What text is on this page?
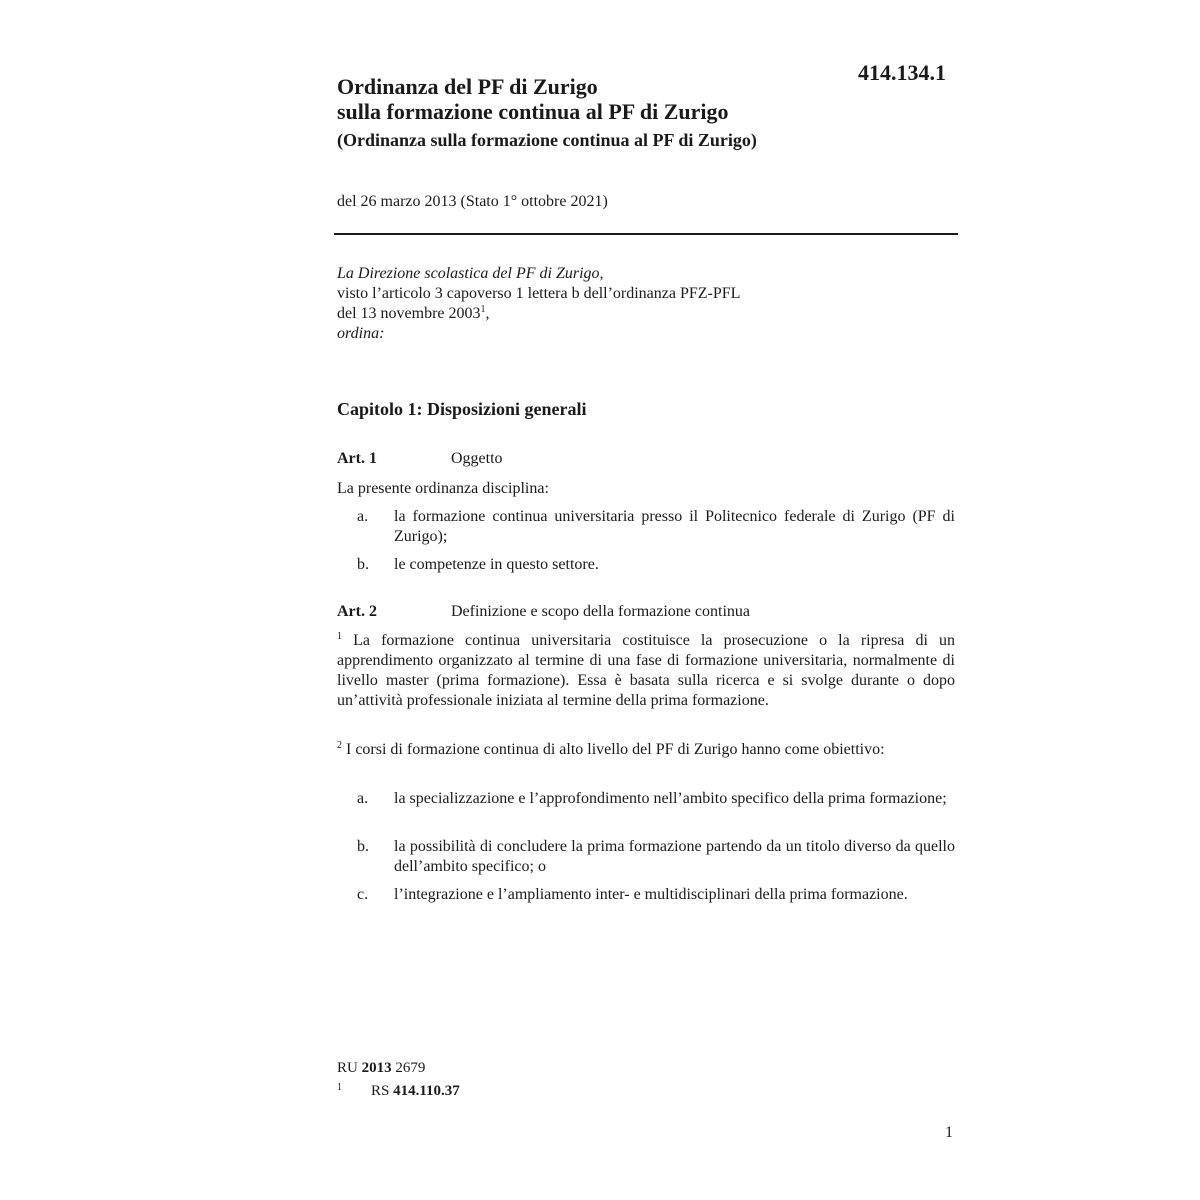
414.134.1
Ordinanza del PF di Zurigo
sulla formazione continua al PF di Zurigo
(Ordinanza sulla formazione continua al PF di Zurigo)
del 26 marzo 2013 (Stato 1° ottobre 2021)
La Direzione scolastica del PF di Zurigo,
visto l’articolo 3 capoverso 1 lettera b dell’ordinanza PFZ-PFL
del 13 novembre 2003$^1$,
ordina:
Capitolo 1: Disposizioni generali
Art. 1	Oggetto
La presente ordinanza disciplina:
a. la formazione continua universitaria presso il Politecnico federale di Zurigo (PF di Zurigo);
b. le competenze in questo settore.
Art. 2	Definizione e scopo della formazione continua
$^1$ La formazione continua universitaria costituisce la prosecuzione o la ripresa di un apprendimento organizzato al termine di una fase di formazione universitaria, normalmente di livello master (prima formazione). Essa è basata sulla ricerca e si svolge durante o dopo un’attività professionale iniziata al termine della prima formazione.
$^2$ I corsi di formazione continua di alto livello del PF di Zurigo hanno come obiettivo:
a. la specializzazione e l’approfondimento nell’ambito specifico della prima formazione;
b. la possibilità di concludere la prima formazione partendo da un titolo diverso da quello dell’ambito specifico; o
c. l’integrazione e l’ampliamento inter- e multidisciplinari della prima formazione.
RU 2013 2679
1 RS 414.110.37
1
